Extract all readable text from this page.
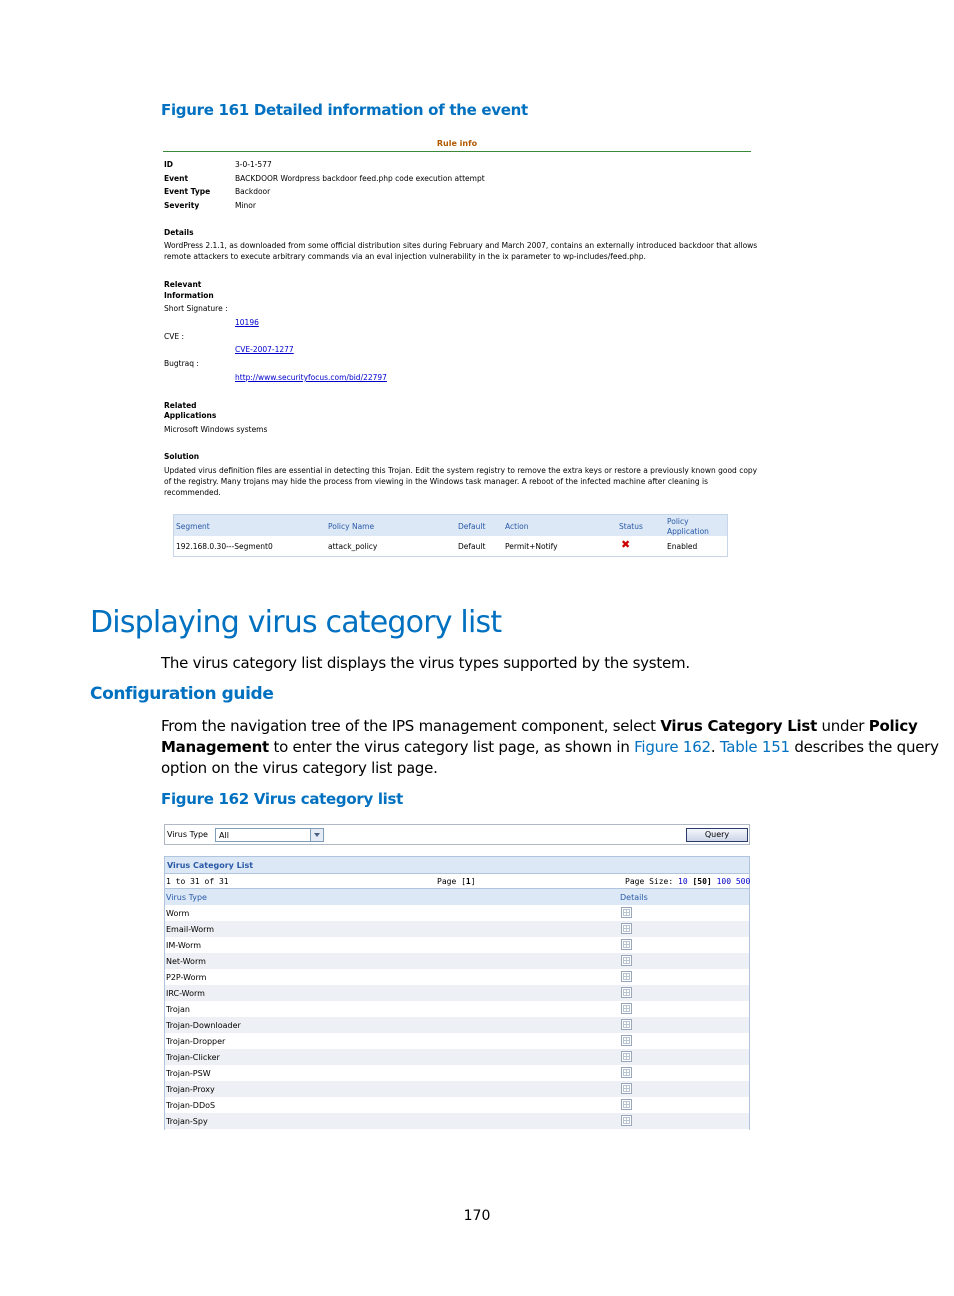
Figure 161 Detailed information of the event
Rule info
ID	3-0-1-577
Event	BACKDOOR Wordpress backdoor feed.php code execution attempt
Event Type	Backdoor
Severity	Minor
Details
WordPress 2.1.1, as downloaded from some official distribution sites during February and March 2007, contains an externally introduced backdoor that allows
remote attackers to execute arbitrary commands via an eval injection vulnerability in the ix parameter to wp-includes/feed.php.
Relevant
Information
Short Signature :
10196
CVE :
CVE-2007-1277
Bugtraq :
http://www.securityfocus.com/bid/22797
Related
Applications
Microsoft Windows systems
Solution
Updated virus definition files are essential in detecting this Trojan. Edit the system registry to remove the extra keys or restore a previously known good copy
of the registry. Many trojans may hide the process from viewing in the Windows task manager. A reboot of the infected machine after cleaning is
recommended.
Segment	Policy Name	Default	Action	Status
Policy
Application
192.168.0.30---Segment0	attack_policy	Default	Permit+Notify	✖	Enabled
Displaying virus category list
The virus category list displays the virus types supported by the system.
Configuration guide
From the navigation tree of the IPS management component, select Virus Category List under Policy
Management to enter the virus category list page, as shown in Figure 162. Table 151 describes the query
option on the virus category list page.
Figure 162 Virus category list
Virus Type All	Query
Virus Category List
1 to 31 of 31	Page [1]	Page Size: 10 [50] 100 500
Virus Type	Details
Worm
Email-Worm
IM-Worm
Net-Worm
P2P-Worm
IRC-Worm
Trojan
Trojan-Downloader
Trojan-Dropper
Trojan-Clicker
Trojan-PSW
Trojan-Proxy
Trojan-DDoS
Trojan-Spy
170
